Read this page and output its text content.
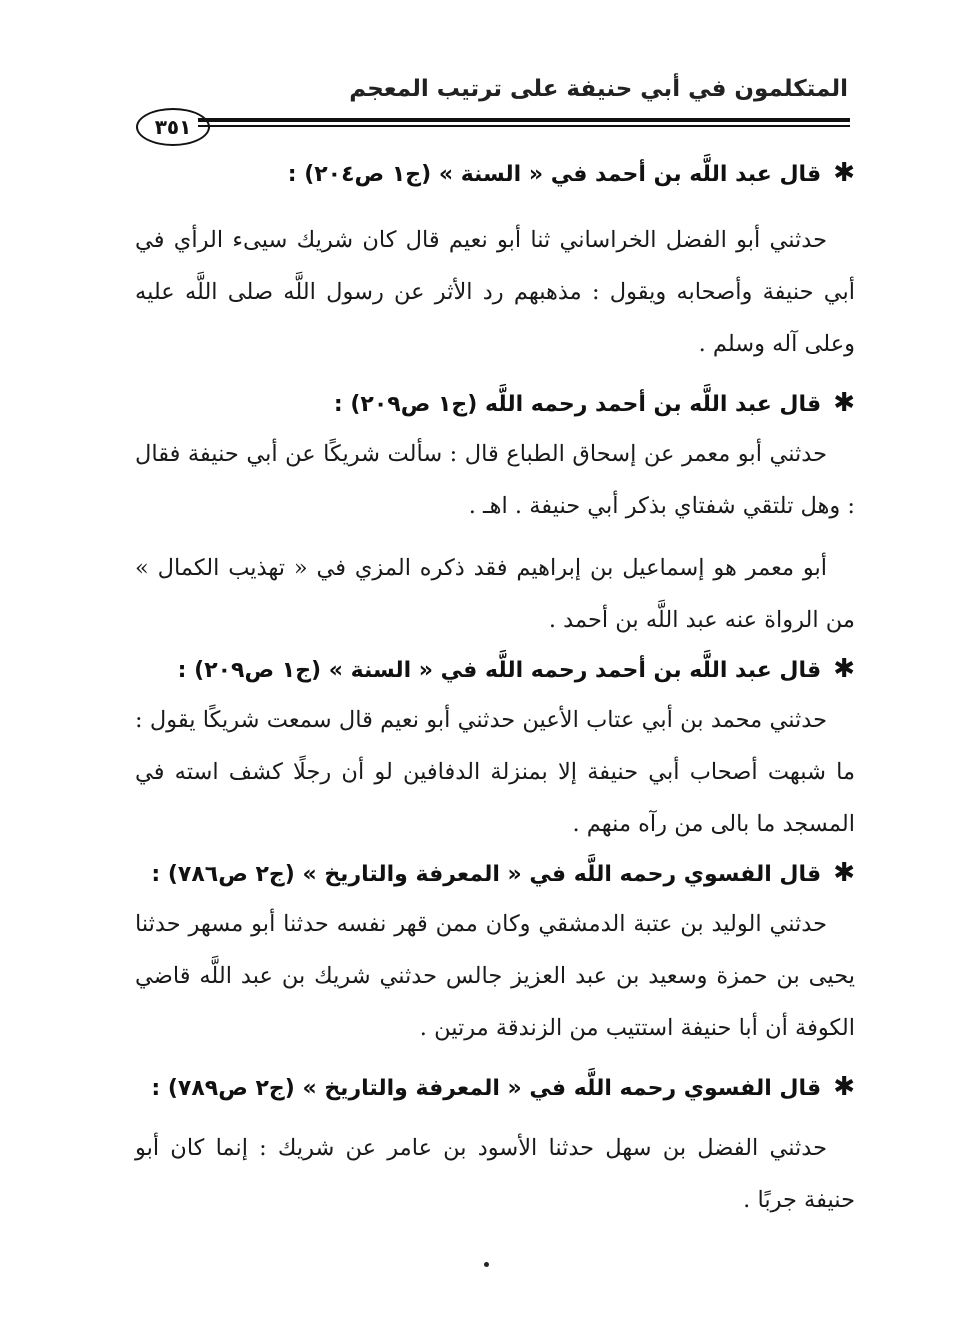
المتكلمون في أبي حنيفة على ترتيب المعجم
٣٥١

✱قال عبد اللَّه بن أحمد في « السنة » (ج١ ص٢٠٤) :

حدثني أبو الفضل الخراساني ثنا أبو نعيم قال كان شريك سيىء الرأي في أبي حنيفة وأصحابه ويقول : مذهبهم رد الأثر عن رسول اللَّه صلى اللَّه عليه وعلى آله وسلم .

✱قال عبد اللَّه بن أحمد رحمه اللَّه (ج١ ص٢٠٩) :

حدثني أبو معمر عن إسحاق الطباع قال : سألت شريكًا عن أبي حنيفة فقال : وهل تلتقي شفتاي بذكر أبي حنيفة . اهـ .

أبو معمر هو إسماعيل بن إبراهيم فقد ذكره المزي في « تهذيب الكمال » من الرواة عنه عبد اللَّه بن أحمد .

✱قال عبد اللَّه بن أحمد رحمه اللَّه في « السنة » (ج١ ص٢٠٩) :

حدثني محمد بن أبي عتاب الأعين حدثني أبو نعيم قال سمعت شريكًا يقول : ما شبهت أصحاب أبي حنيفة إلا بمنزلة الدفافين لو أن رجلًا كشف استه في المسجد ما بالى من رآه منهم .

✱قال الفسوي رحمه اللَّه في « المعرفة والتاريخ » (ج٢ ص٧٨٦) :

حدثني الوليد بن عتبة الدمشقي وكان ممن قهر نفسه حدثنا أبو مسهر حدثنا يحيى بن حمزة وسعيد بن عبد العزيز جالس حدثني شريك بن عبد اللَّه قاضي الكوفة أن أبا حنيفة استتيب من الزندقة مرتين .

✱قال الفسوي رحمه اللَّه في « المعرفة والتاريخ » (ج٢ ص٧٨٩) :

حدثني الفضل بن سهل حدثنا الأسود بن عامر عن شريك : إنما كان أبو حنيفة جربًا .
